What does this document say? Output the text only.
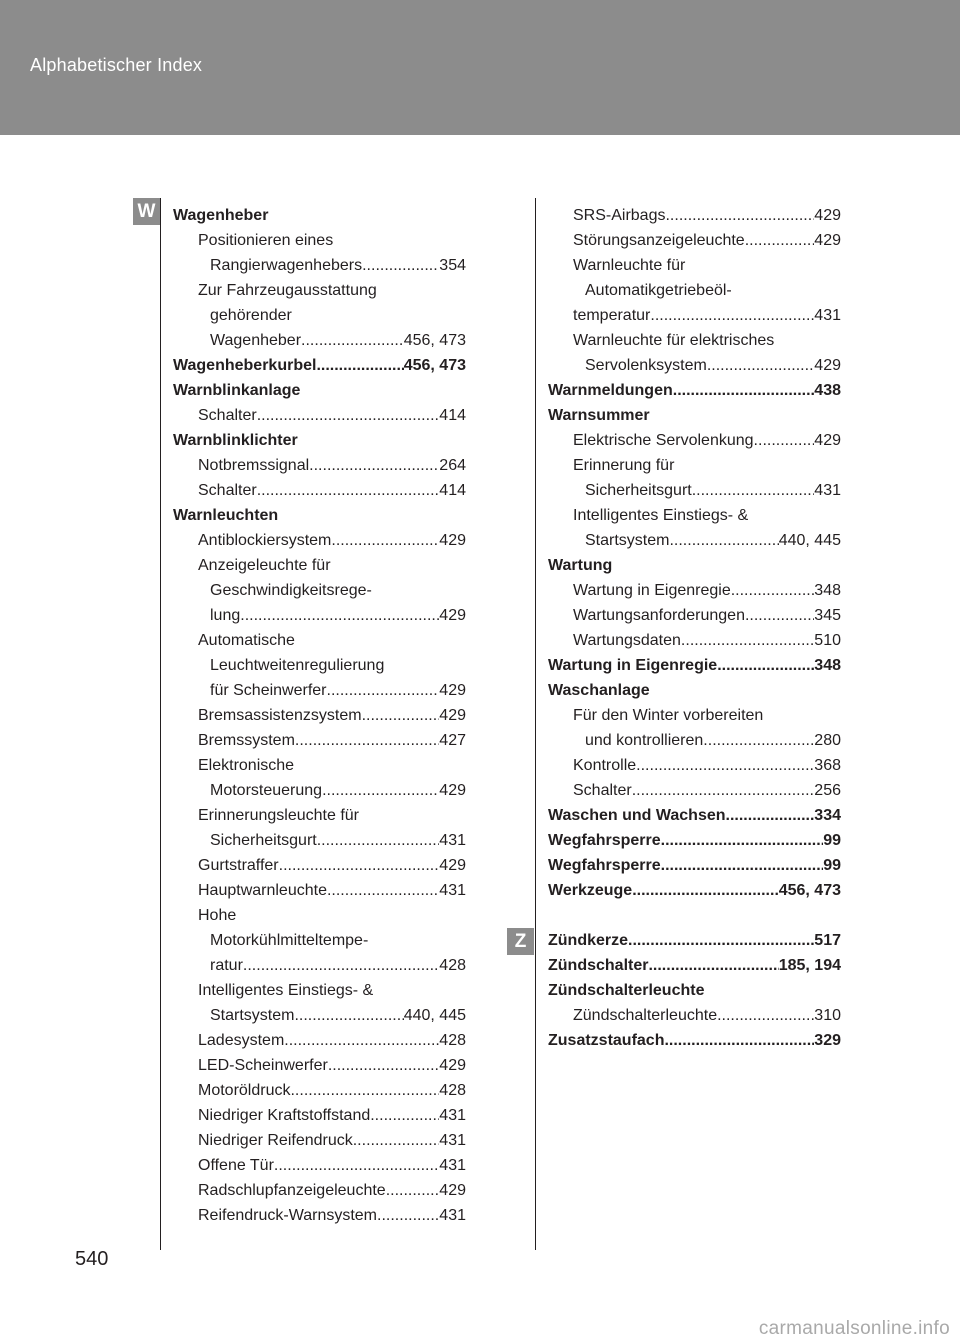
Alphabetischer Index
W
Z
Wagenheber
Positionieren eines
Rangierwagenhebers .....	354
Zur Fahrzeugausstattung
gehörender
Wagenheber .....	456, 473
Wagenheberkurbel .....	456, 473
Warnblinkanlage
Schalter .....	414
Warnblinklichter
Notbremssignal .....	264
Schalter .....	414
Warnleuchten
Antiblockiersystem .....	429
Anzeigeleuchte für
Geschwindigkeitsrege-
lung .....	429
Automatische
Leuchtweitenregulierung
für Scheinwerfer .....	429
Bremsassistenzsystem .....	429
Bremssystem .....	427
Elektronische
Motorsteuerung .....	429
Erinnerungsleuchte für
Sicherheitsgurt .....	431
Gurtstraffer .....	429
Hauptwarnleuchte .....	431
Hohe
Motorkühlmitteltempe-
ratur .....	428
Intelligentes Einstiegs- &
Startsystem .....	440, 445
Ladesystem .....	428
LED-Scheinwerfer .....	429
Motoröldruck .....	428
Niedriger Kraftstoffstand .....	431
Niedriger Reifendruck .....	431
Offene Tür .....	431
Radschlupfanzeigeleuchte .....	429
Reifendruck-Warnsystem .....	431
SRS-Airbags .....	429
Störungsanzeigeleuchte .....	429
Warnleuchte für
Automatikgetriebeöl-
temperatur .....	431
Warnleuchte für elektrisches
Servolenksystem .....	429
Warnmeldungen .....	438
Warnsummer
Elektrische Servolenkung .....	429
Erinnerung für
Sicherheitsgurt .....	431
Intelligentes Einstiegs- &
Startsystem .....	440, 445
Wartung
Wartung in Eigenregie .....	348
Wartungsanforderungen .....	345
Wartungsdaten .....	510
Wartung in Eigenregie .....	348
Waschanlage
Für den Winter vorbereiten
und kontrollieren .....	280
Kontrolle .....	368
Schalter .....	256
Waschen und Wachsen .....	334
Wegfahrsperre .....	99
Wegfahrsperre .....	99
Werkzeuge .....	456, 473
Zündkerze .....	517
Zündschalter .....	185, 194
Zündschalterleuchte
Zündschalterleuchte .....	310
Zusatzstaufach .....	329
540
carmanualsonline.info
